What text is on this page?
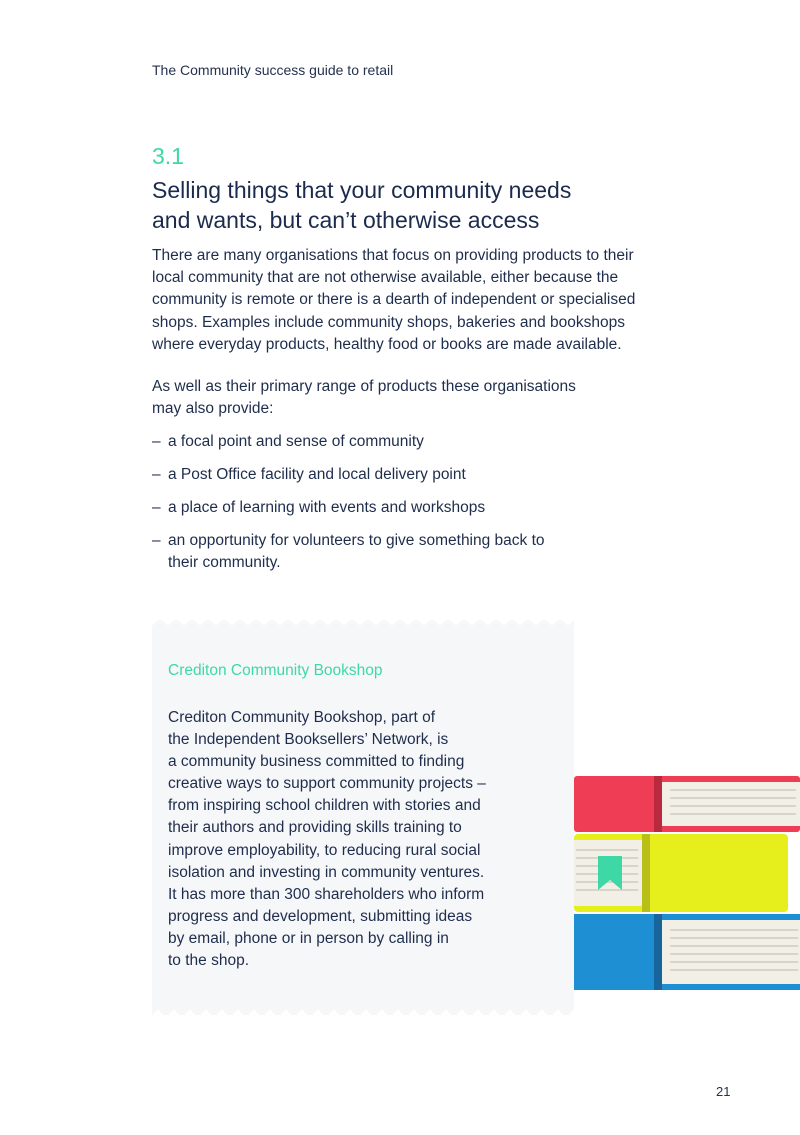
The Community success guide to retail
3.1
Selling things that your community needs
and wants, but can’t otherwise access
There are many organisations that focus on providing products to their
local community that are not otherwise available, either because the
community is remote or there is a dearth of independent or specialised
shops. Examples include community shops, bakeries and bookshops
where everyday products, healthy food or books are made available.
As well as their primary range of products these organisations
may also provide:
– a focal point and sense of community
– a Post Office facility and local delivery point
– a place of learning with events and workshops
– an opportunity for volunteers to give something back to
their community.
Crediton Community Bookshop
Crediton Community Bookshop, part of
the Independent Booksellers’ Network, is
a community business committed to finding
creative ways to support community projects –
from inspiring school children with stories and
their authors and providing skills training to
improve employability, to reducing rural social
isolation and investing in community ventures.
It has more than 300 shareholders who inform
progress and development, submitting ideas
by email, phone or in person by calling in
to the shop.
21
